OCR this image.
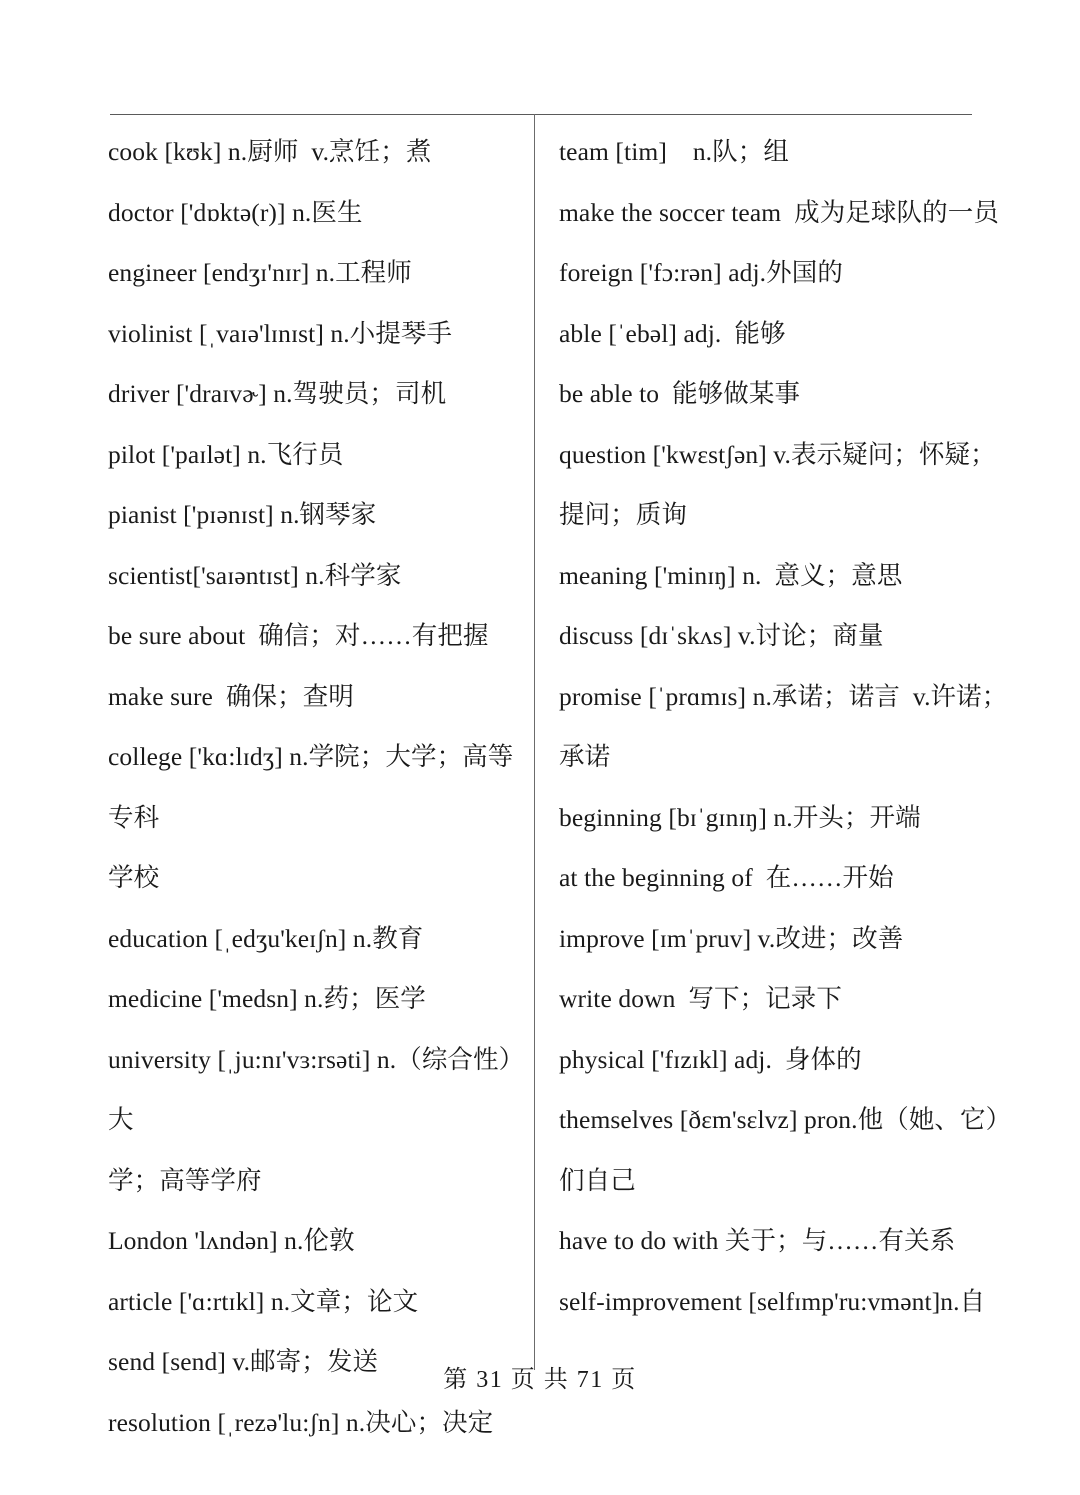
cook [kʊk] n.厨师  v.烹饪；煮
doctor ['dɒktə(r)] n.医生
engineer [endʒɪ'nɪr] n.工程师
violinist [ˌvaɪə'lɪnɪst] n.小提琴手
driver ['draɪvɚ] n.驾驶员；司机
pilot ['paɪlət] n.飞行员
pianist ['pɪənɪst] n.钢琴家
scientist['saɪəntɪst] n.科学家
be sure about  确信；对……有把握
make sure  确保；查明
college ['kɑ:lɪdʒ] n.学院；大学；高等专科
学校
education [ˌedʒu'keɪʃn] n.教育
medicine ['medsn] n.药；医学
university [ˌju:nɪ'vɜ:rsəti] n.（综合性）大
学；高等学府
London 'lʌndən] n.伦敦
article ['ɑ:rtɪkl] n.文章；论文
send [send] v.邮寄；发送
resolution [ˌrezə'lu:ʃn] n.决心；决定
team [tim]    n.队；组
make the soccer team  成为足球队的一员
foreign ['fɔ:rən] adj.外国的
able [ˈebəl] adj.  能够
be able to  能够做某事
question ['kwɛstʃən] v.表示疑问；怀疑；
提问；质询
meaning ['minɪŋ] n.  意义；意思
discuss [dɪˈskʌs] v.讨论；商量
promise [ˈprɑmɪs] n.承诺；诺言  v.许诺；
承诺
beginning [bɪˈgɪnɪŋ] n.开头；开端
at the beginning of  在……开始
improve [ɪmˈpruv] v.改进；改善
write down  写下；记录下
physical ['fɪzɪkl] adj.  身体的
themselves [ðɛm'sɛlvz] pron.他（她、它）
们自己
have to do with 关于；与……有关系
self-improvement [selfɪmp'ru:vmənt]n.自
第 31 页 共 71 页
